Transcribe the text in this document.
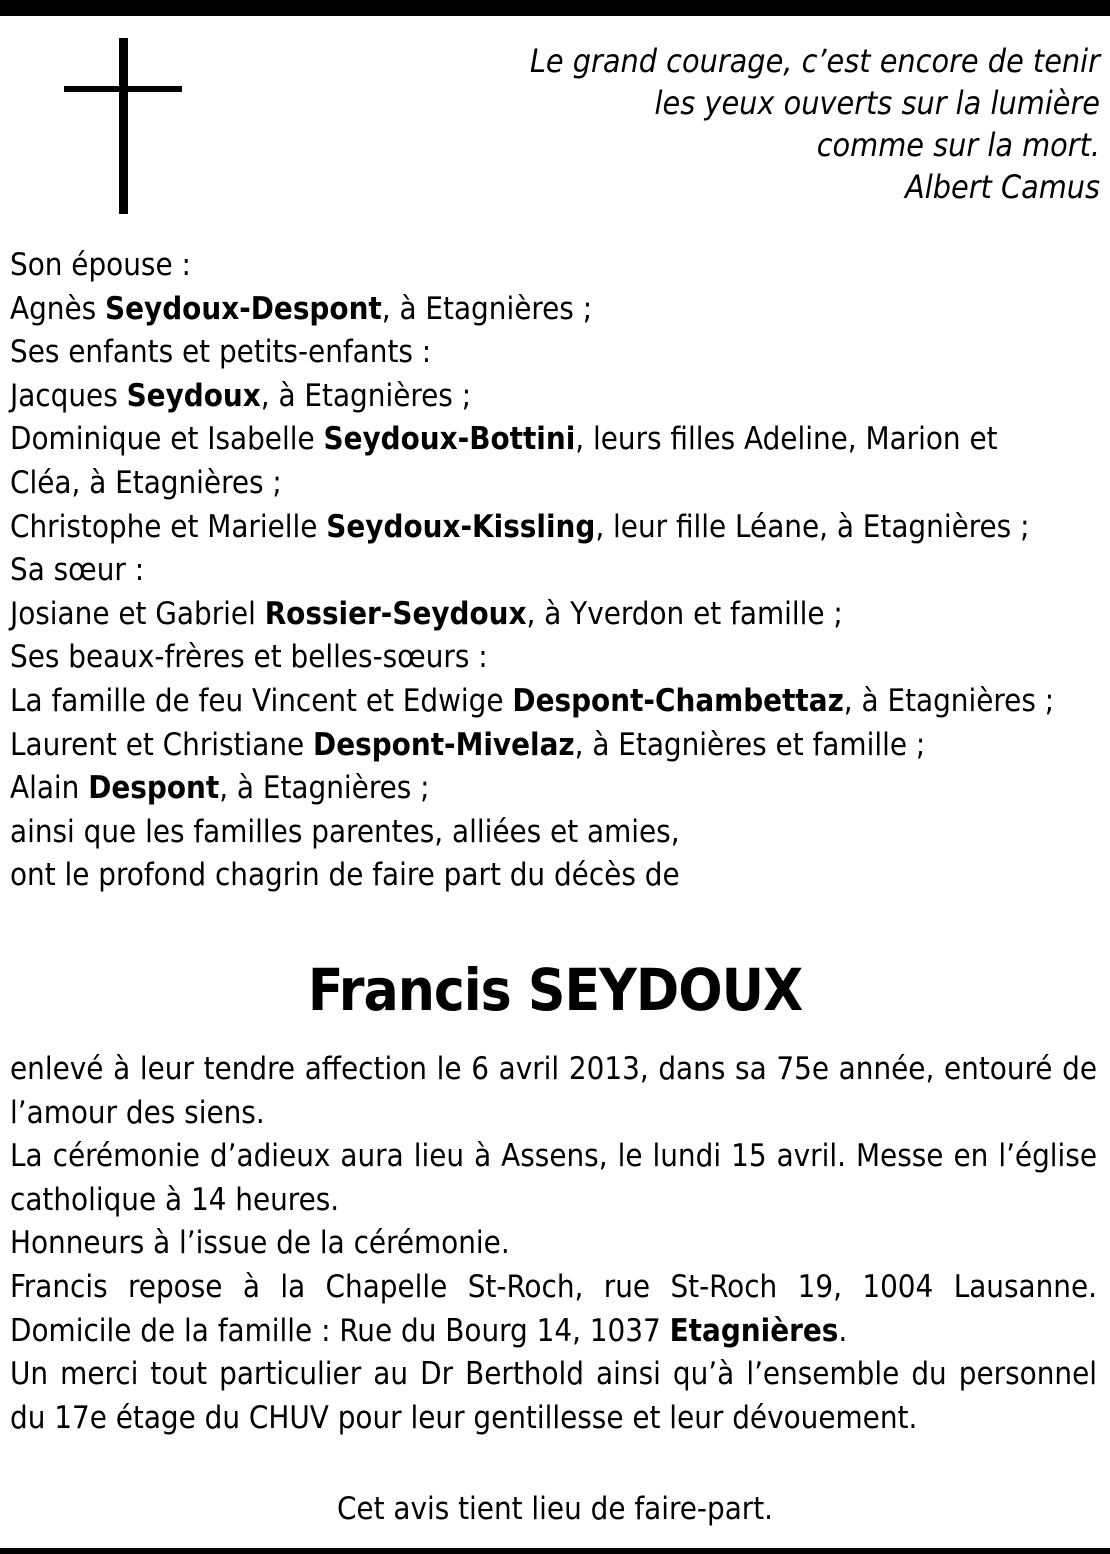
Le grand courage, c’est encore de tenir
les yeux ouverts sur la lumière
comme sur la mort.
Albert Camus
Son épouse :
Agnès Seydoux-Despont, à Etagnières ;
Ses enfants et petits-enfants :
Jacques Seydoux, à Etagnières ;
Dominique et Isabelle Seydoux-Bottini, leurs filles Adeline, Marion et
Cléa, à Etagnières ;
Christophe et Marielle Seydoux-Kissling, leur fille Léane, à Etagnières ;
Sa sœur :
Josiane et Gabriel Rossier-Seydoux, à Yverdon et famille ;
Ses beaux-frères et belles-sœurs :
La famille de feu Vincent et Edwige Despont-Chambettaz, à Etagnières ;
Laurent et Christiane Despont-Mivelaz, à Etagnières et famille ;
Alain Despont, à Etagnières ;
ainsi que les familles parentes, alliées et amies,
ont le profond chagrin de faire part du décès de
Francis SEYDOUX

enlevé à leur tendre affection le 6 avril 2013, dans sa 75e année, entouré de l’amour des siens.

La cérémonie d’adieux aura lieu à Assens, le lundi 15 avril. Messe en l’église catholique à 14 heures.

Honneurs à l’issue de la cérémonie.

Francis repose à la Chapelle St-Roch, rue St-Roch 19, 1004 Lausanne. Domicile de la famille : Rue du Bourg 14, 1037 Etagnières.

Un merci tout particulier au Dr Berthold ainsi qu’à l’ensemble du personnel du 17e étage du CHUV pour leur gentillesse et leur dévouement.

Cet avis tient lieu de faire-part.
